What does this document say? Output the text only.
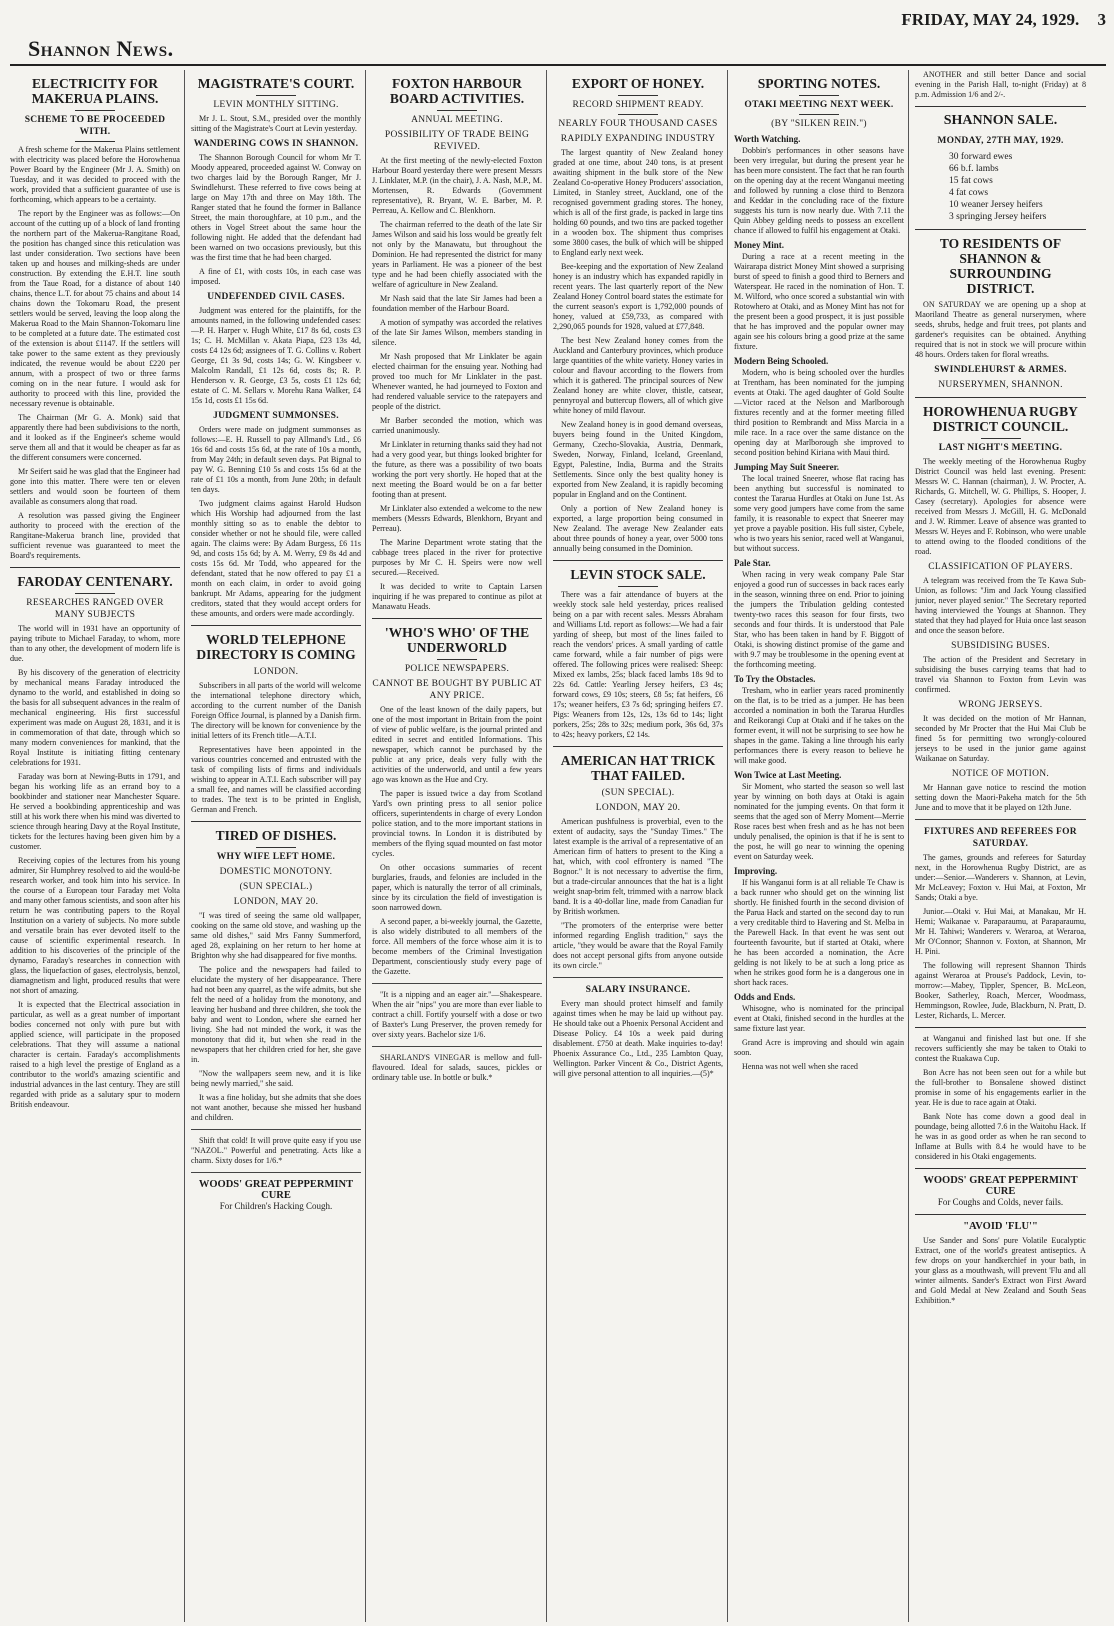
Shannon News.
FRIDAY, MAY 24, 1929. 3
ELECTRICITY FOR MAKERUA PLAINS.
SCHEME TO BE PROCEEDED WITH.

A fresh scheme for the Makerua Plains settlement with electricity was placed before the Horowhenua Power Board by the Engineer (Mr J. A. Smith) on Tuesday, and it was decided to proceed with the work, provided that a sufficient guarantee of use is forthcoming, which appears to be a certainty.

The report by the Engineer was as follows:—On account of the cutting up of a block of land fronting the northern part of the Makerua-Rangitane Road, the position has changed since this reticulation was last under consideration. Two sections have been taken up and houses and milking-sheds are under construction. By extending the E.H.T. line south from the Taue Road, for a distance of about 140 chains, thence L.T. for about 75 chains and about 14 chains down the Tokomaru Road, the present settlers would be served, leaving the loop along the Makerua Road to the Main Shannon-Tokomaru line to be completed at a future date. The estimated cost of the extension is about £1147. If the settlers will take power to the same extent as they previously indicated, the revenue would be about £220 per annum, with a prospect of two or three farms coming on in the near future. I would ask for authority to proceed with this line, provided the necessary revenue is obtainable.

The Chairman (Mr G. A. Monk) said that apparently there had been subdivisions to the north, and it looked as if the Engineer's scheme would serve them all and that it would be cheaper as far as the different consumers were concerned.

Mr Seifert said he was glad that the Engineer had gone into this matter. There were ten or eleven settlers and would soon be fourteen of them available as consumers along that road.

A resolution was passed giving the Engineer authority to proceed with the erection of the Rangitane-Makerua branch line, provided that sufficient revenue was guaranteed to meet the Board's requirements.

FARODAY CENTENARY.
RESEARCHES RANGED OVER MANY SUBJECTS

The world will in 1931 have an opportunity of paying tribute to Michael Faraday, to whom, more than to any other, the development of modern life is due.

By his discovery of the generation of electricity by mechanical means Faraday introduced the dynamo to the world, and established in doing so the basis for all subsequent advances in the realm of mechanical engineering. His first successful experiment was made on August 28, 1831, and it is in commemoration of that date, through which so many modern conveniences for mankind, that the Royal Institute is initiating fitting centenary celebrations for 1931.

Faraday was born at Newing-Butts in 1791, and began his working life as an errand boy to a bookbinder and stationer near Manchester Square. He served a bookbinding apprenticeship and was still at his work there when his mind was diverted to science through hearing Davy at the Royal Institute, tickets for the lectures having been given him by a customer.

Receiving copies of the lectures from his young admirer, Sir Humphrey resolved to aid the would-be research worker, and took him into his service. In the course of a European tour Faraday met Volta and many other famous scientists, and soon after his return he was contributing papers to the Royal Institution on a variety of subjects. No more subtle and versatile brain has ever devoted itself to the cause of scientific experimental research. In addition to his discoveries of the principle of the dynamo, Faraday's researches in connection with glass, the liquefaction of gases, electrolysis, benzol, diamagnetism and light, produced results that were not short of amazing.

It is expected that the Electrical association in particular, as well as a great number of important bodies concerned not only with pure but with applied science, will participate in the proposed celebrations. That they will assume a national character is certain. Faraday's accomplishments raised to a high level the prestige of England as a contributor to the world's amazing scientific and industrial advances in the last century. They are still regarded with pride as a salutary spur to modern British endeavour.

MAGISTRATE'S COURT.
LEVIN MONTHLY SITTING.

Mr J. L. Stout, S.M., presided over the monthly sitting of the Magistrate's Court at Levin yesterday.

WANDERING COWS IN SHANNON.

The Shannon Borough Council for whom Mr T. Moody appeared, proceeded against W. Conway on two charges laid by the Borough Ranger, Mr J. Swindlehurst. These referred to five cows being at large on May 17th and three on May 18th. The Ranger stated that he found the former in Ballance Street, the main thoroughfare, at 10 p.m., and the others in Vogel Street about the same hour the following night. He added that the defendant had been warned on two occasions previously, but this was the first time that he had been charged.

A fine of £1, with costs 10s, in each case was imposed.

UNDEFENDED CIVIL CASES.

Judgment was entered for the plaintiffs, for the amounts named, in the following undefended cases:—P. H. Harper v. Hugh White, £17 8s 6d, costs £3 1s; C. H. McMillan v. Akata Piapa, £23 13s 4d, costs £4 12s 6d; assignees of T. G. Collins v. Robert George, £1 3s 9d, costs 14s; G. W. Kingsbeer v. Malcolm Randall, £1 12s 6d, costs 8s; R. P. Henderson v. R. George, £3 5s, costs £1 12s 6d; estate of C. M. Sellars v. Morehu Rana Walker, £4 15s 1d, costs £1 15s 6d.

JUDGMENT SUMMONSES.

Orders were made on judgment summonses as follows:—E. H. Russell to pay Allmand's Ltd., £6 16s 6d and costs 15s 6d, at the rate of 10s a month, from May 24th; in default seven days. Pat Bignal to pay W. G. Benning £10 5s and costs 15s 6d at the rate of £1 10s a month, from June 20th; in default ten days.

Two judgment claims against Harold Hudson which His Worship had adjourned from the last monthly sitting so as to enable the debtor to consider whether or not he should file, were called again. The claims were: By Adam Burgess, £6 11s 9d, and costs 15s 6d; by A. M. Werry, £9 8s 4d and costs 15s 6d. Mr Todd, who appeared for the defendant, stated that he now offered to pay £1 a month on each claim, in order to avoid going bankrupt. Mr Adams, appearing for the judgment creditors, stated that they would accept orders for these amounts, and orders were made accordingly.

WORLD TELEPHONE DIRECTORY IS COMING
LONDON.

Subscribers in all parts of the world will welcome the international telephone directory which, according to the current number of the Danish Foreign Office Journal, is planned by a Danish firm. The directory will be known for convenience by the initial letters of its French title—A.T.I.

Representatives have been appointed in the various countries concerned and entrusted with the task of compiling lists of firms and individuals wishing to appear in A.T.I. Each subscriber will pay a small fee, and names will be classified according to trades. The text is to be printed in English, German and French.

TIRED OF DISHES.
WHY WIFE LEFT HOME.
DOMESTIC MONOTONY.
(SUN SPECIAL.)
LONDON, MAY 20.

"I was tired of seeing the same old wallpaper, cooking on the same old stove, and washing up the same old dishes," said Mrs Fanny Summerford, aged 28, explaining on her return to her home at Brighton why she had disappeared for five months.

The police and the newspapers had failed to elucidate the mystery of her disappearance. There had not been any quarrel, as the wife admits, but she felt the need of a holiday from the monotony, and leaving her husband and three children, she took the baby and went to London, where she earned her living. She had not minded the work, it was the monotony that did it, but when she read in the newspapers that her children cried for her, she gave in.

"Now the wallpapers seem new, and it is like being newly married," she said.

It was a fine holiday, but she admits that she does not want another, because she missed her husband and children.

Shift that cold! It will prove quite easy if you use "NAZOL." Powerful and penetrating. Acts like a charm. Sixty doses for 1/6.*

WOODS' GREAT PEPPERMINT CURE
For Children's Hacking Cough.
FOXTON HARBOUR BOARD ACTIVITIES.
ANNUAL MEETING.
POSSIBILITY OF TRADE BEING REVIVED.

At the first meeting of the newly-elected Foxton Harbour Board yesterday there were present Messrs J. Linklater, M.P. (in the chair), J. A. Nash, M.P., M. Mortensen, R. Edwards (Government representative), R. Bryant, W. E. Barber, M. P. Perreau, A. Kellow and C. Blenkhorn.

The chairman referred to the death of the late Sir James Wilson and said his loss would be greatly felt not only by the Manawatu, but throughout the Dominion. He had represented the district for many years in Parliament. He was a pioneer of the best type and he had been chiefly associated with the welfare of agriculture in New Zealand.

Mr Nash said that the late Sir James had been a foundation member of the Harbour Board.

A motion of sympathy was accorded the relatives of the late Sir James Wilson, members standing in silence.

Mr Nash proposed that Mr Linklater be again elected chairman for the ensuing year. Nothing had proved too much for Mr Linklater in the past. Whenever wanted, he had journeyed to Foxton and had rendered valuable service to the ratepayers and people of the district.

Mr Barber seconded the motion, which was carried unanimously.

Mr Linklater in returning thanks said they had not had a very good year, but things looked brighter for the future, as there was a possibility of two boats working the port very shortly. He hoped that at the next meeting the Board would be on a far better footing than at present.

Mr Linklater also extended a welcome to the new members (Messrs Edwards, Blenkhorn, Bryant and Perreau).

The Marine Department wrote stating that the cabbage trees placed in the river for protective purposes by Mr C. H. Speirs were now well secured.—Received.

It was decided to write to Captain Larsen inquiring if he was prepared to continue as pilot at Manawatu Heads.

'WHO'S WHO' OF THE UNDERWORLD
POLICE NEWSPAPERS.
CANNOT BE BOUGHT BY PUBLIC AT ANY PRICE.

One of the least known of the daily papers, but one of the most important in Britain from the point of view of public welfare, is the journal printed and edited in secret and entitled Informations. This newspaper, which cannot be purchased by the public at any price, deals very fully with the activities of the underworld, and until a few years ago was known as the Hue and Cry.

The paper is issued twice a day from Scotland Yard's own printing press to all senior police officers, superintendents in charge of every London police station, and to the more important stations in provincial towns. In London it is distributed by members of the flying squad mounted on fast motor cycles.

On other occasions summaries of recent burglaries, frauds, and felonies are included in the paper, which is naturally the terror of all criminals, since by its circulation the field of investigation is soon narrowed down.

A second paper, a bi-weekly journal, the Gazette, is also widely distributed to all members of the force. All members of the force whose aim it is to become members of the Criminal Investigation Department, conscientiously study every page of the Gazette.

"It is a nipping and an eager air."—Shakespeare. When the air "nips" you are more than ever liable to contract a chill. Fortify yourself with a dose or two of Baxter's Lung Preserver, the proven remedy for over sixty years. Bachelor size 1/6.

SHARLAND'S VINEGAR is mellow and full-flavoured. Ideal for salads, sauces, pickles or ordinary table use. In bottle or bulk.*

EXPORT OF HONEY.
RECORD SHIPMENT READY.
NEARLY FOUR THOUSAND CASES
RAPIDLY EXPANDING INDUSTRY

The largest quantity of New Zealand honey graded at one time, about 240 tons, is at present awaiting shipment in the bulk store of the New Zealand Co-operative Honey Producers' association, Limited, in Stanley street, Auckland, one of the recognised government grading stores. The honey, which is all of the first grade, is packed in large tins holding 60 pounds, and two tins are packed together in a wooden box. The shipment thus comprises some 3800 cases, the bulk of which will be shipped to England early next week.

Bee-keeping and the exportation of New Zealand honey is an industry which has expanded rapidly in recent years. The last quarterly report of the New Zealand Honey Control board states the estimate for the current season's export is 1,792,000 pounds of honey, valued at £59,733, as compared with 2,290,065 pounds for 1928, valued at £77,848.

The best New Zealand honey comes from the Auckland and Canterbury provinces, which produce large quantities of the white variety. Honey varies in colour and flavour according to the flowers from which it is gathered. The principal sources of New Zealand honey are white clover, thistle, catsear, pennyroyal and buttercup flowers, all of which give white honey of mild flavour.

New Zealand honey is in good demand overseas, buyers being found in the United Kingdom, Germany, Czecho-Slovakia, Austria, Denmark, Sweden, Norway, Finland, Iceland, Greenland, Egypt, Palestine, India, Burma and the Straits Settlements. Since only the best quality honey is exported from New Zealand, it is rapidly becoming popular in England and on the Continent.

Only a portion of New Zealand honey is exported, a large proportion being consumed in New Zealand. The average New Zealander eats about three pounds of honey a year, over 5000 tons annually being consumed in the Dominion.

LEVIN STOCK SALE.

There was a fair attendance of buyers at the weekly stock sale held yesterday, prices realised being on a par with recent sales. Messrs Abraham and Williams Ltd. report as follows:—We had a fair yarding of sheep, but most of the lines failed to reach the vendors' prices. A small yarding of cattle came forward, while a fair number of pigs were offered. The following prices were realised: Sheep: Mixed ex lambs, 25s; black faced lambs 18s 9d to 22s 6d. Cattle: Yearling Jersey heifers, £3 4s; forward cows, £9 10s; steers, £8 5s; fat heifers, £6 17s; weaner heifers, £3 7s 6d; springing heifers £7. Pigs: Weaners from 12s, 12s, 13s 6d to 14s; light porkers, 25s; 28s to 32s; medium pork, 36s 6d, 37s to 42s; heavy porkers, £2 14s.

AMERICAN HAT TRICK THAT FAILED.
(SUN SPECIAL).
LONDON, MAY 20.

American pushfulness is proverbial, even to the extent of audacity, says the "Sunday Times." The latest example is the arrival of a representative of an American firm of hatters to present to the King a hat, which, with cool effrontery is named "The Bognor." It is not necessary to advertise the firm, but a trade-circular announces that the hat is a light weight snap-brim felt, trimmed with a narrow black band. It is a 40-dollar line, made from Canadian fur by British workmen.

"The promoters of the enterprise were better informed regarding English tradition," says the article, "they would be aware that the Royal Family does not accept personal gifts from anyone outside its own circle."

SALARY INSURANCE.

Every man should protect himself and family against times when he may be laid up without pay. He should take out a Phoenix Personal Accident and Disease Policy. £4 10s a week paid during disablement. £750 at death. Make inquiries to-day! Phoenix Assurance Co., Ltd., 235 Lambton Quay, Wellington. Parker Vincent & Co., District Agents, will give personal attention to all inquiries.—(5)*

SPORTING NOTES.
OTAKI MEETING NEXT WEEK.
(BY "SILKEN REIN.")
Worth Watching.

Dobbin's performances in other seasons have been very irregular, but during the present year he has been more consistent. The fact that he ran fourth on the opening day at the recent Wanganui meeting and followed by running a close third to Benzora and Keddar in the concluding race of the fixture suggests his turn is now nearly due. With 7.11 the Quin Abbey gelding needs to possess an excellent chance if allowed to fulfil his engagement at Otaki.

Money Mint.

During a race at a recent meeting in the Wairarapa district Money Mint showed a surprising burst of speed to finish a good third to Berners and Waterspear. He raced in the nomination of Hon. T. M. Wilford, who once scored a substantial win with Rotowhero at Otaki, and as Money Mint has not for the present been a good prospect, it is just possible that he has improved and the popular owner may again see his colours bring a good prize at the same fixture.

Modern Being Schooled.

Modern, who is being schooled over the hurdles at Trentham, has been nominated for the jumping events at Otaki. The aged daughter of Gold Soulte—Victor raced at the Nelson and Marlborough fixtures recently and at the former meeting filled third position to Rembrandt and Miss Marcia in a mile race. In a race over the same distance on the opening day at Marlborough she improved to second position behind Kiriana with Maui third.

Jumping May Suit Sneerer.

The local trained Sneerer, whose flat racing has been anything but successful is nominated to contest the Tararua Hurdles at Otaki on June 1st. As some very good jumpers have come from the same family, it is reasonable to expect that Sneerer may yet prove a payable position. His full sister, Cybele, who is two years his senior, raced well at Wanganui, but without success.

Pale Star.

When racing in very weak company Pale Star enjoyed a good run of successes in back races early in the season, winning three on end. Prior to joining the jumpers the Tribulation gelding contested twenty-two races this season for four firsts, two seconds and four thirds. It is understood that Pale Star, who has been taken in hand by F. Biggott of Otaki, is showing distinct promise of the game and with 9.7 may be troublesome in the opening event at the forthcoming meeting.

To Try the Obstacles.

Tresham, who in earlier years raced prominently on the flat, is to be tried as a jumper. He has been accorded a nomination in both the Tararua Hurdles and Reikorangi Cup at Otaki and if he takes on the former event, it will not be surprising to see how he shapes in the game. Taking a line through his early performances there is every reason to believe he will make good.

Won Twice at Last Meeting.

Sir Moment, who started the season so well last year by winning on both days at Otaki is again nominated for the jumping events. On that form it seems that the aged son of Merry Moment—Merrie Rose races best when fresh and as he has not been unduly penalised, the opinion is that if he is sent to the post, he will go near to winning the opening event on Saturday week.

Improving.

If his Wanganui form is at all reliable Te Chaw is a back runner who should get on the winning list shortly. He finished fourth in the second division of the Parua Hack and started on the second day to run a very creditable third to Havering and St. Melba in the Parewell Hack. In that event he was sent out fourteenth favourite, but if started at Otaki, where he has been accorded a nomination, the Acre gelding is not likely to be at such a long price as when he strikes good form he is a dangerous one in short hack races.

Odds and Ends.

Whisogne, who is nominated for the principal event at Otaki, finished second in the hurdles at the same fixture last year.

Grand Acre is improving and should win again soon.

Henna was not well when she raced

ANOTHER and still better Dance and social evening in the Parish Hall, to-night (Friday) at 8 p.m. Admission 1/6 and 2/-.

SHANNON SALE.
MONDAY, 27TH MAY, 1929.
30 forward ewes
66 b.f. lambs
15 fat cows
4 fat cows
10 weaner Jersey heifers
3 springing Jersey heifers
TO RESIDENTS OF SHANNON & SURROUNDING DISTRICT.

ON SATURDAY we are opening up a shop at Maoriland Theatre as general nurserymen, where seeds, shrubs, hedge and fruit trees, pot plants and gardener's requisites can be obtained. Anything required that is not in stock we will procure within 48 hours. Orders taken for floral wreaths.

SWINDLEHURST & ARMES.
NURSERYMEN, SHANNON.
HOROWHENUA RUGBY DISTRICT COUNCIL.
LAST NIGHT'S MEETING.

The weekly meeting of the Horowhenua Rugby District Council was held last evening. Present: Messrs W. C. Hannan (chairman), J. W. Procter, A. Richards, G. Mitchell, W. G. Phillips, S. Hooper, J. Casey (secretary). Apologies for absence were received from Messrs J. McGill, H. G. McDonald and J. W. Rimmer. Leave of absence was granted to Messrs W. Heyes and F. Robinson, who were unable to attend owing to the flooded conditions of the road.

CLASSIFICATION OF PLAYERS.

A telegram was received from the Te Kawa Sub-Union, as follows: "Jim and Jack Young classified junior, never played senior." The Secretary reported having interviewed the Youngs at Shannon. They stated that they had played for Huia once last season and once the season before.

SUBSIDISING BUSES.

The action of the President and Secretary in subsidising the buses carrying teams that had to travel via Shannon to Foxton from Levin was confirmed.

WRONG JERSEYS.

It was decided on the motion of Mr Hannan, seconded by Mr Procter that the Hui Mai Club be fined 5s for permitting two wrongly-coloured jerseys to be used in the junior game against Waikanae on Saturday.

NOTICE OF MOTION.

Mr Hannan gave notice to rescind the motion setting down the Maori-Pakeha match for the 5th June and to move that it be played on 12th June.

FIXTURES AND REFEREES FOR SATURDAY.

The games, grounds and referees for Saturday next, in the Horowhenua Rugby District, are as under:—Senior.—Wanderers v. Shannon, at Levin, Mr McLeavey; Foxton v. Hui Mai, at Foxton, Mr Sands; Otaki a bye.

Junior.—Otaki v. Hui Mai, at Manakau, Mr H. Hemi; Waikanae v. Paraparaumu, at Paraparaumu, Mr H. Tahiwi; Wanderers v. Weraroa, at Weraroa, Mr O'Connor; Shannon v. Foxton, at Shannon, Mr H. Pini.

The following will represent Shannon Thirds against Weraroa at Prouse's Paddock, Levin, to-morrow:—Mabey, Tippler, Spencer, B. McLeon, Booker, Satherley, Roach, Mercer, Woodmass, Hemmingson, Rowlee, Jude, Blackburn, N. Pratt, D. Lester, Richards, L. Mercer.

at Wanganui and finished last but one. If she recovers sufficiently she may be taken to Otaki to contest the Ruakawa Cup.

Bon Acre has not been seen out for a while but the full-brother to Bonsalene showed distinct promise in some of his engagements earlier in the year. He is due to race again at Otaki.

Bank Note has come down a good deal in poundage, being allotted 7.6 in the Waitohu Hack. If he was in as good order as when he ran second to Inflame at Bulls with 8.4 he would have to be considered in his Otaki engagements.

WOODS' GREAT PEPPERMINT CURE
For Coughs and Colds, never fails.
"AVOID 'FLU'"

Use Sander and Sons' pure Volatile Eucalyptic Extract, one of the world's greatest antiseptics. A few drops on your handkerchief in your bath, in your glass as a mouthwash, will prevent 'Flu and all winter ailments. Sander's Extract won First Award and Gold Medal at New Zealand and South Seas Exhibition.*
